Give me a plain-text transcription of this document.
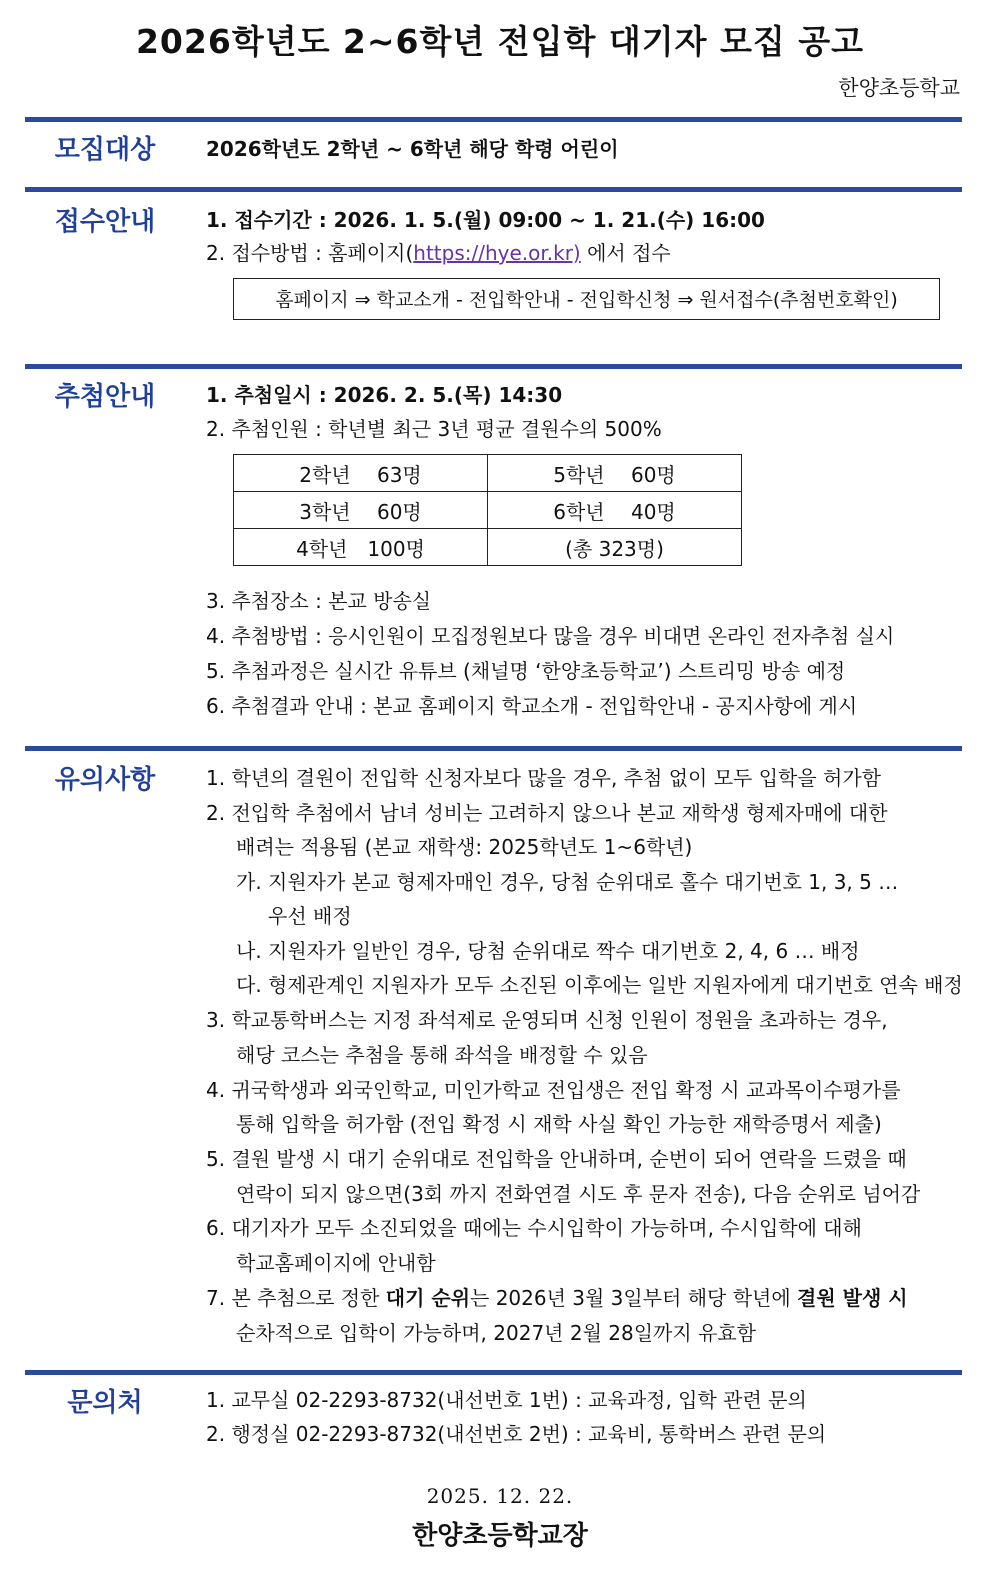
2026학년도 2~6학년 전입학 대기자 모집 공고
한양초등학교
모집대상	2026학년도 2학년 ~ 6학년 해당 학령 어린이
접수안내	1. 접수기간 : 2026. 1. 5.(월) 09:00 ~ 1. 21.(수) 16:00
2. 접수방법 : 홈페이지(https://hye.or.kr) 에서 접수
홈페이지 ⇒ 학교소개 - 전입학안내 - 전입학신청 ⇒ 원서접수(추첨번호확인)
추첨안내	1. 추첨일시 : 2026. 2. 5.(목) 14:30
2. 추첨인원 : 학년별 최근 3년 평균 결원수의 500%
2학년　 63명	5학년　 60명
3학년　 60명	6학년　 40명
4학년　100명	(총 323명)
3. 추첨장소 : 본교 방송실
4. 추첨방법 : 응시인원이 모집정원보다 많을 경우 비대면 온라인 전자추첨 실시
5. 추첨과정은 실시간 유튜브 (채널명 ‘한양초등학교’) 스트리밍 방송 예정
6. 추첨결과 안내 : 본교 홈페이지 학교소개 - 전입학안내 - 공지사항에 게시
유의사항	1. 학년의 결원이 전입학 신청자보다 많을 경우, 추첨 없이 모두 입학을 허가함
2. 전입학 추첨에서 남녀 성비는 고려하지 않으나 본교 재학생 형제자매에 대한
배려는 적용됨 (본교 재학생: 2025학년도 1~6학년)
가. 지원자가 본교 형제자매인 경우, 당첨 순위대로 홀수 대기번호 1, 3, 5 …
우선 배정
나. 지원자가 일반인 경우, 당첨 순위대로 짝수 대기번호 2, 4, 6 … 배정
다. 형제관계인 지원자가 모두 소진된 이후에는 일반 지원자에게 대기번호 연속 배정
3. 학교통학버스는 지정 좌석제로 운영되며 신청 인원이 정원을 초과하는 경우,
해당 코스는 추첨을 통해 좌석을 배정할 수 있음
4. 귀국학생과 외국인학교, 미인가학교 전입생은 전입 확정 시 교과목이수평가를
통해 입학을 허가함 (전입 확정 시 재학 사실 확인 가능한 재학증명서 제출)
5. 결원 발생 시 대기 순위대로 전입학을 안내하며, 순번이 되어 연락을 드렸을 때
연락이 되지 않으면(3회 까지 전화연결 시도 후 문자 전송), 다음 순위로 넘어감
6. 대기자가 모두 소진되었을 때에는 수시입학이 가능하며, 수시입학에 대해
학교홈페이지에 안내함
7. 본 추첨으로 정한 대기 순위는 2026년 3월 3일부터 해당 학년에 결원 발생 시
순차적으로 입학이 가능하며, 2027년 2월 28일까지 유효함
문의처	1. 교무실 02-2293-8732(내선번호 1번) : 교육과정, 입학 관련 문의
2. 행정실 02-2293-8732(내선번호 2번) : 교육비, 통학버스 관련 문의
2025. 12. 22.
한양초등학교장
